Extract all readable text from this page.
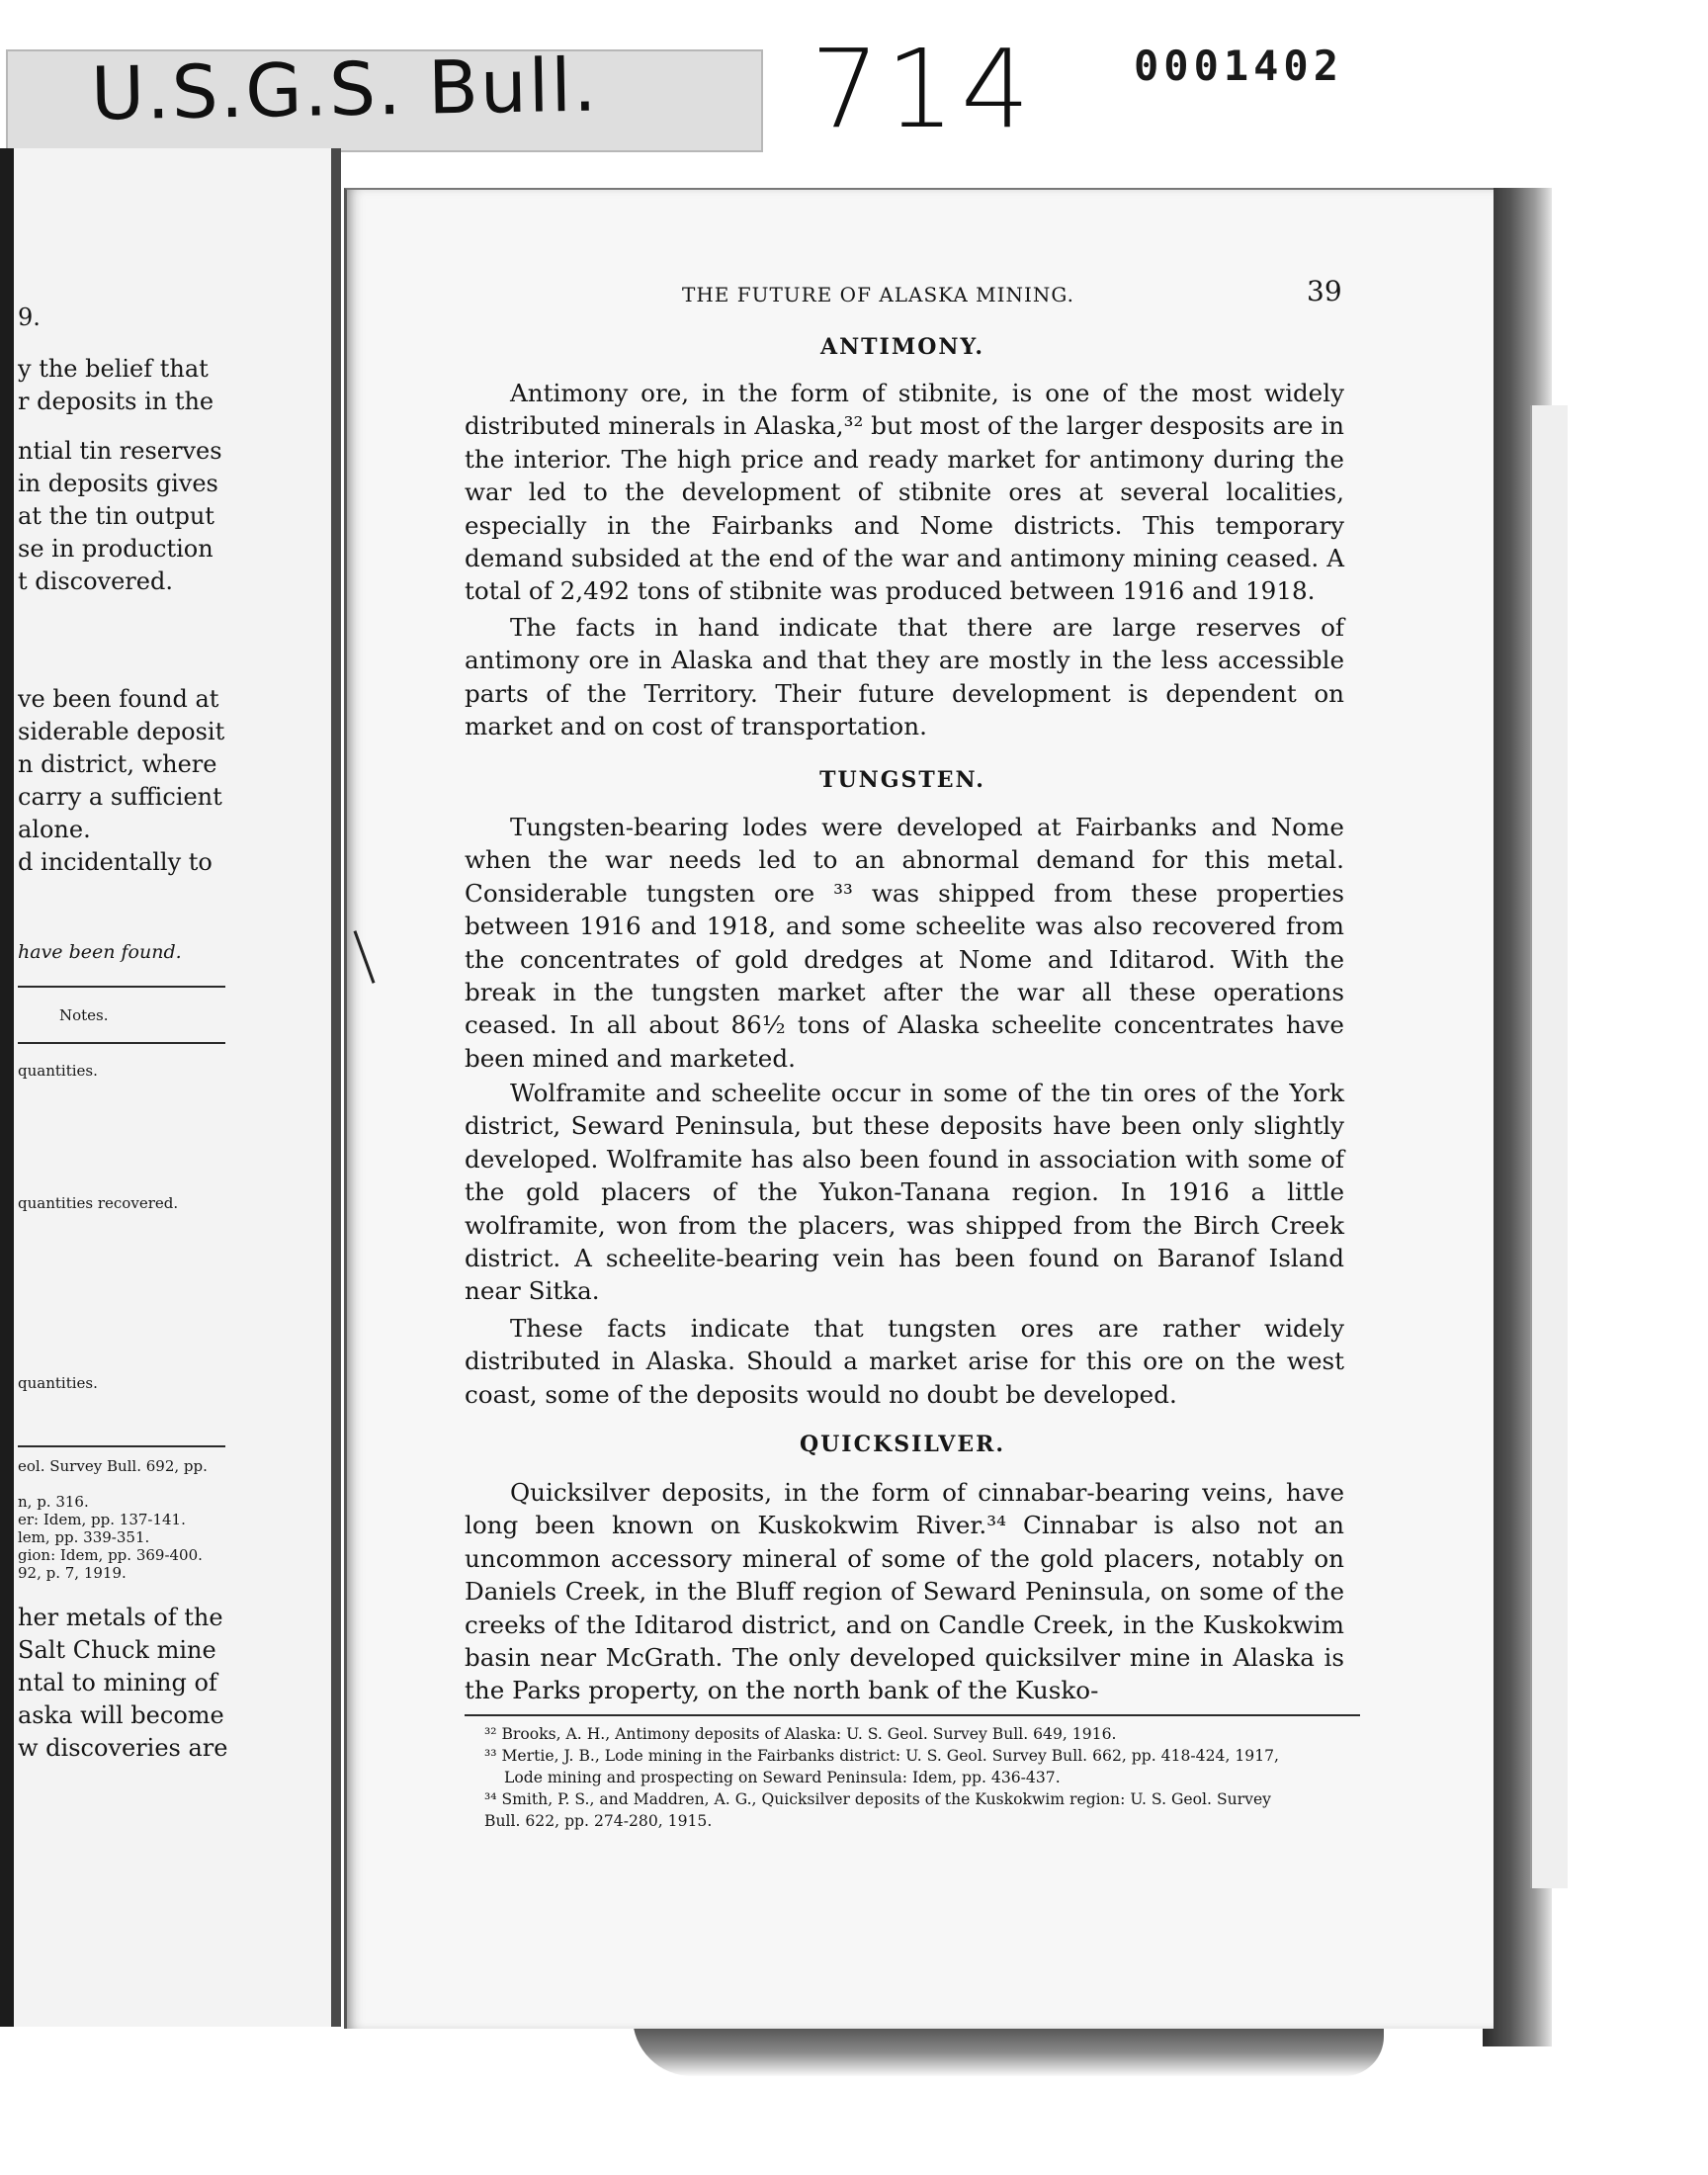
U.S.G.S. Bull. 714 0001402
9.
y the belief that
r deposits in the
ntial tin reserves
in deposits gives
at the tin output
se in production
t discovered.
ve been found at
siderable deposit
n district, where
carry a sufficient
alone.
d incidentally to
have been found.
Notes.
quantities.
quantities recovered.
quantities.
eol. Survey Bull. 692, pp.
n, p. 316.
er: Idem, pp. 137-141.
lem, pp. 339-351.
gion: Idem, pp. 369-400.
92, p. 7, 1919.
her metals of the
Salt Chuck mine
ntal to mining of
aska will become
w discoveries are
THE FUTURE OF ALASKA MINING.	39
ANTIMONY.

Antimony ore, in the form of stibnite, is one of the most widely distributed minerals in Alaska,³² but most of the larger desposits are in the interior. The high price and ready market for antimony during the war led to the development of stibnite ores at several localities, especially in the Fairbanks and Nome districts. This temporary demand subsided at the end of the war and antimony mining ceased. A total of 2,492 tons of stibnite was produced between 1916 and 1918.

The facts in hand indicate that there are large reserves of antimony ore in Alaska and that they are mostly in the less accessible parts of the Territory. Their future development is dependent on market and on cost of transportation.

TUNGSTEN.

Tungsten-bearing lodes were developed at Fairbanks and Nome when the war needs led to an abnormal demand for this metal. Considerable tungsten ore ³³ was shipped from these properties between 1916 and 1918, and some scheelite was also recovered from the concentrates of gold dredges at Nome and Iditarod. With the break in the tungsten market after the war all these operations ceased. In all about 86½ tons of Alaska scheelite concentrates have been mined and marketed.

Wolframite and scheelite occur in some of the tin ores of the York district, Seward Peninsula, but these deposits have been only slightly developed. Wolframite has also been found in association with some of the gold placers of the Yukon-Tanana region. In 1916 a little wolframite, won from the placers, was shipped from the Birch Creek district. A scheelite-bearing vein has been found on Baranof Island near Sitka.

These facts indicate that tungsten ores are rather widely distributed in Alaska. Should a market arise for this ore on the west coast, some of the deposits would no doubt be developed.

QUICKSILVER.

Quicksilver deposits, in the form of cinnabar-bearing veins, have long been known on Kuskokwim River.³⁴ Cinnabar is also not an uncommon accessory mineral of some of the gold placers, notably on Daniels Creek, in the Bluff region of Seward Peninsula, on some of the creeks of the Iditarod district, and on Candle Creek, in the Kuskokwim basin near McGrath. The only developed quicksilver mine in Alaska is the Parks property, on the north bank of the Kusko-

³² Brooks, A. H., Antimony deposits of Alaska: U. S. Geol. Survey Bull. 649, 1916.

³³ Mertie, J. B., Lode mining in the Fairbanks district: U. S. Geol. Survey Bull. 662, pp. 418-424, 1917,

Lode mining and prospecting on Seward Peninsula: Idem, pp. 436-437.

³⁴ Smith, P. S., and Maddren, A. G., Quicksilver deposits of the Kuskokwim region: U. S. Geol. Survey

Bull. 622, pp. 274-280, 1915.
